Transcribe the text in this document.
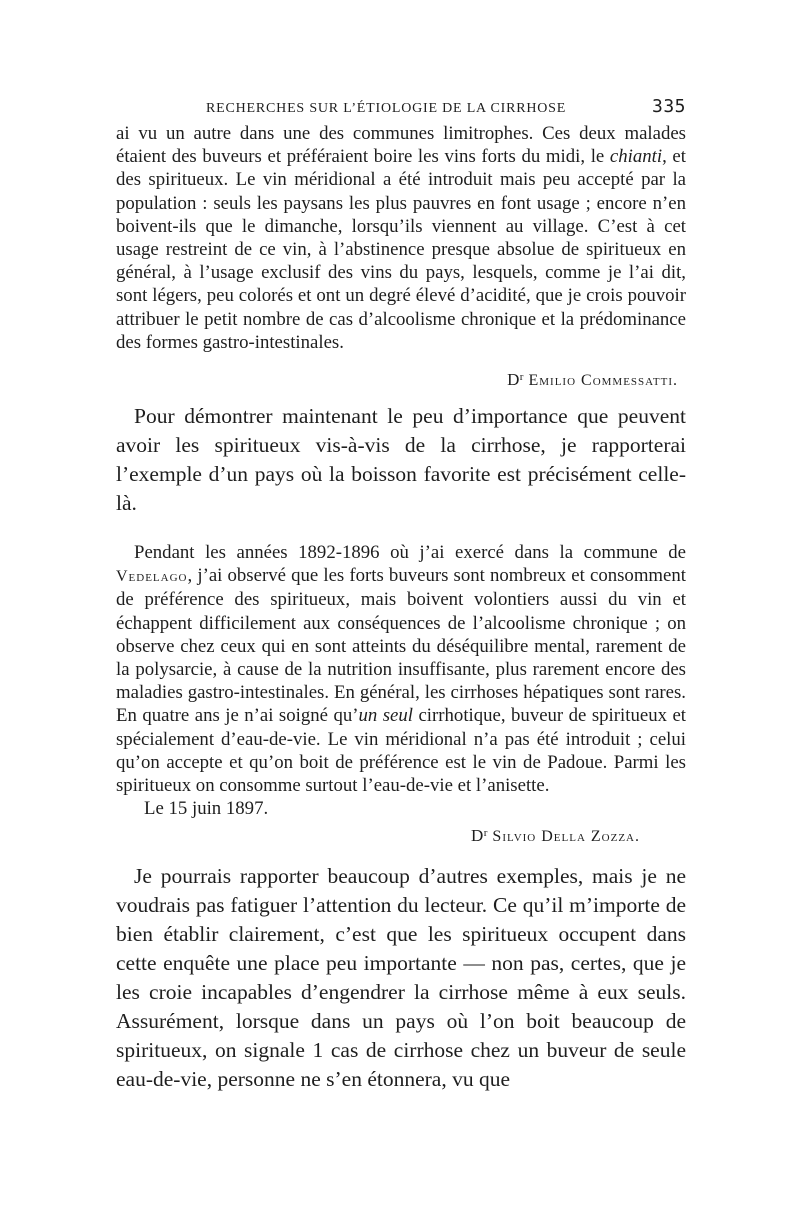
RECHERCHES SUR L’ÉTIOLOGIE DE LA CIRRHOSE	335

ai vu un autre dans une des communes limitrophes. Ces deux malades étaient des buveurs et préféraient boire les vins forts du midi, le chianti, et des spiritueux. Le vin méridional a été introduit mais peu accepté par la population : seuls les paysans les plus pauvres en font usage ; encore n’en boivent-ils que le dimanche, lorsqu’ils viennent au village. C’est à cet usage restreint de ce vin, à l’abstinence presque absolue de spiritueux en général, à l’usage exclusif des vins du pays, lesquels, comme je l’ai dit, sont légers, peu colorés et ont un degré élevé d’acidité, que je crois pouvoir attribuer le petit nombre de cas d’alcoolisme chronique et la prédominance des formes gastro-intestinales.

$D^r$ Emilio Commessatti.

Pour démontrer maintenant le peu d’importance que peuvent avoir les spiritueux vis-à-vis de la cirrhose, je rapporterai l’exemple d’un pays où la boisson favorite est précisément celle-là.

Pendant les années 1892-1896 où j’ai exercé dans la commune de Vedelago, j’ai observé que les forts buveurs sont nombreux et consomment de préférence des spiritueux, mais boivent volontiers aussi du vin et échappent difficilement aux conséquences de l’alcoolisme chronique ; on observe chez ceux qui en sont atteints du déséquilibre mental, rarement de la polysarcie, à cause de la nutrition insuffisante, plus rarement encore des maladies gastro-intestinales. En général, les cirrhoses hépatiques sont rares. En quatre ans je n’ai soigné qu’un seul cirrhotique, buveur de spiritueux et spécialement d’eau-de-vie. Le vin méridional n’a pas été introduit ; celui qu’on accepte et qu’on boit de préférence est le vin de Padoue. Parmi les spiritueux on consomme surtout l’eau-de-vie et l’anisette.

Le 15 juin 1897.

$D^r$ Silvio Della Zozza.

Je pourrais rapporter beaucoup d’autres exemples, mais je ne voudrais pas fatiguer l’attention du lecteur. Ce qu’il m’importe de bien établir clairement, c’est que les spiritueux occupent dans cette enquête une place peu importante — non pas, certes, que je les croie incapables d’engendrer la cirrhose même à eux seuls. Assurément, lorsque dans un pays où l’on boit beaucoup de spiritueux, on signale 1 cas de cirrhose chez un buveur de seule eau-de-vie, personne ne s’en étonnera, vu que
